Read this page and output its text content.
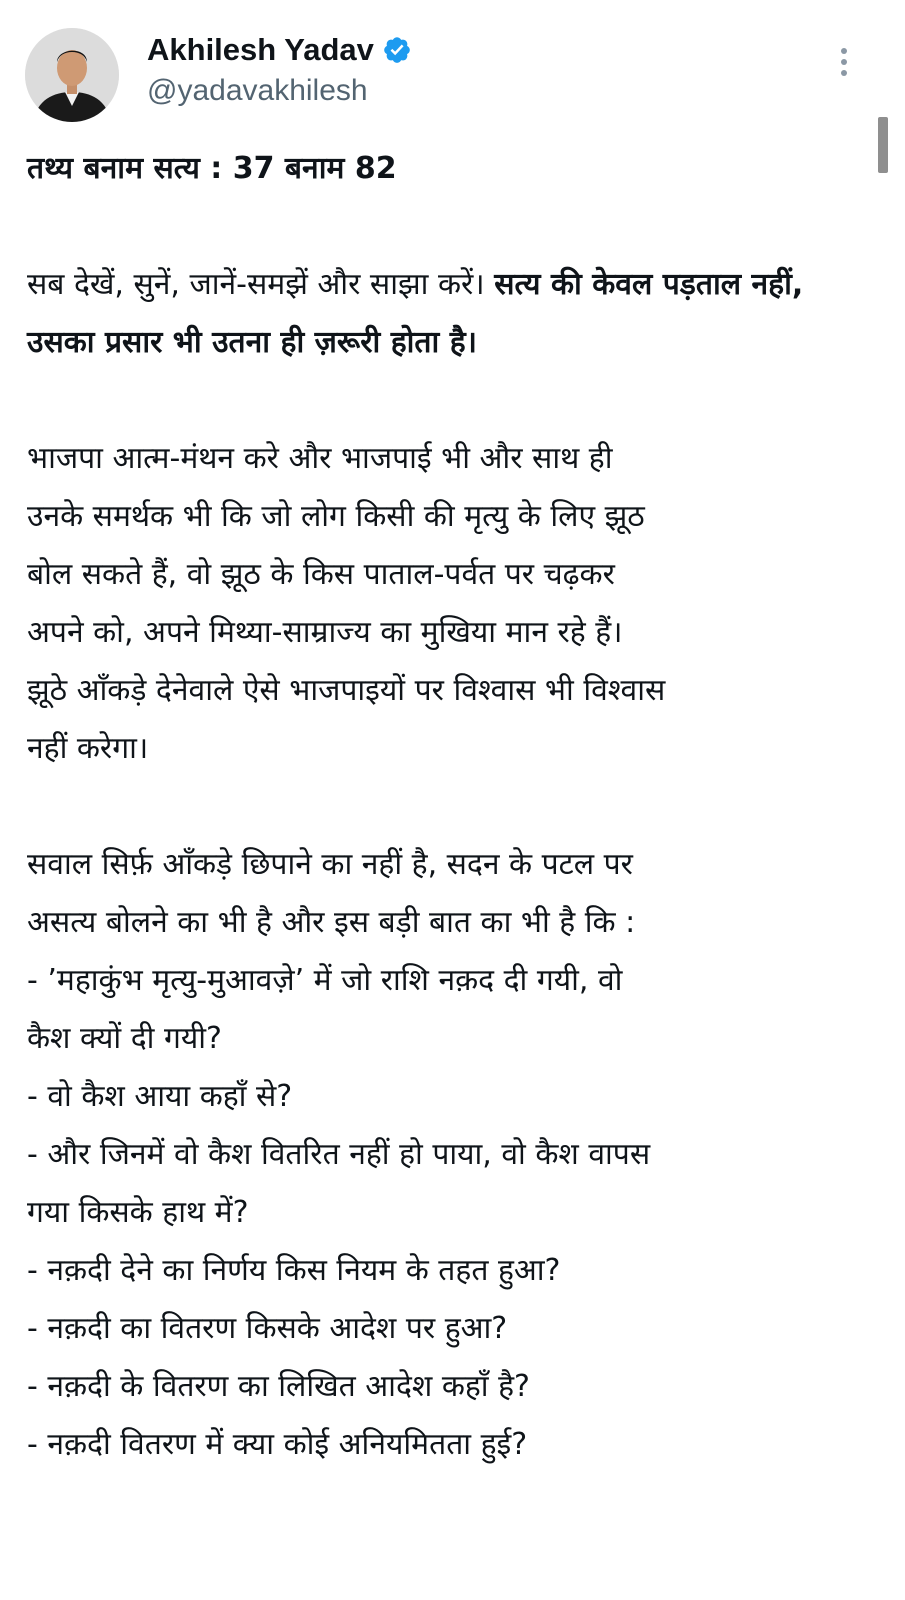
Akhilesh Yadav
@yadavakhilesh

तथ्य बनाम सत्य : 37 बनाम 82

सब देखें, सुनें, जानें-समझें और साझा करें। सत्य की केवल पड़ताल नहीं, उसका प्रसार भी उतना ही ज़रूरी होता है।

भाजपा आत्म-मंथन करे और भाजपाई भी और साथ ही
उनके समर्थक भी कि जो लोग किसी की मृत्यु के लिए झूठ
बोल सकते हैं, वो झूठ के किस पाताल-पर्वत पर चढ़कर
अपने को, अपने मिथ्या-साम्राज्य का मुखिया मान रहे हैं।
झूठे आँकड़े देनेवाले ऐसे भाजपाइयों पर विश्वास भी विश्वास
नहीं करेगा।

सवाल सिर्फ़ आँकड़े छिपाने का नहीं है, सदन के पटल पर
असत्य बोलने का भी है और इस बड़ी बात का भी है कि :
- ’महाकुंभ मृत्यु-मुआवज़े’ में जो राशि नक़द दी गयी, वो
कैश क्यों दी गयी?
- वो कैश आया कहाँ से?
- और जिनमें वो कैश वितरित नहीं हो पाया, वो कैश वापस
गया किसके हाथ में?
- नक़दी देने का निर्णय किस नियम के तहत हुआ?
- नक़दी का वितरण किसके आदेश पर हुआ?
- नक़दी के वितरण का लिखित आदेश कहाँ है?
- नक़दी वितरण में क्या कोई अनियमितता हुई?
